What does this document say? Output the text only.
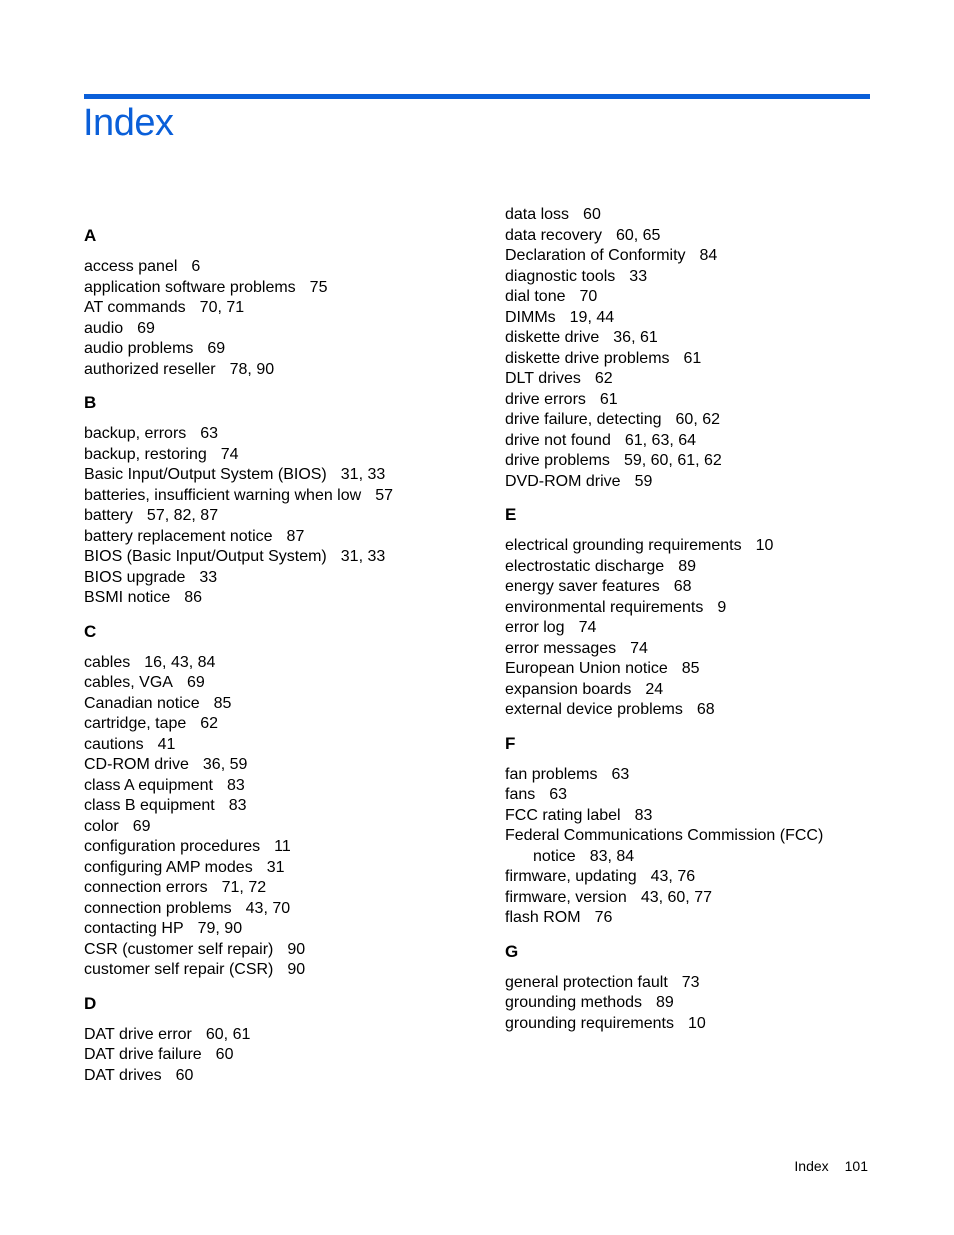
Index
A
access panel 6
application software problems 75
AT commands 70, 71
audio 69
audio problems 69
authorized reseller 78, 90
B
backup, errors 63
backup, restoring 74
Basic Input/Output System (BIOS) 31, 33
batteries, insufficient warning when low 57
battery 57, 82, 87
battery replacement notice 87
BIOS (Basic Input/Output System) 31, 33
BIOS upgrade 33
BSMI notice 86
C
cables 16, 43, 84
cables, VGA 69
Canadian notice 85
cartridge, tape 62
cautions 41
CD-ROM drive 36, 59
class A equipment 83
class B equipment 83
color 69
configuration procedures 11
configuring AMP modes 31
connection errors 71, 72
connection problems 43, 70
contacting HP 79, 90
CSR (customer self repair) 90
customer self repair (CSR) 90
D
DAT drive error 60, 61
DAT drive failure 60
DAT drives 60
data loss 60
data recovery 60, 65
Declaration of Conformity 84
diagnostic tools 33
dial tone 70
DIMMs 19, 44
diskette drive 36, 61
diskette drive problems 61
DLT drives 62
drive errors 61
drive failure, detecting 60, 62
drive not found 61, 63, 64
drive problems 59, 60, 61, 62
DVD-ROM drive 59
E
electrical grounding requirements 10
electrostatic discharge 89
energy saver features 68
environmental requirements 9
error log 74
error messages 74
European Union notice 85
expansion boards 24
external device problems 68
F
fan problems 63
fans 63
FCC rating label 83
Federal Communications Commission (FCC)
notice 83, 84
firmware, updating 43, 76
firmware, version 43, 60, 77
flash ROM 76
G
general protection fault 73
grounding methods 89
grounding requirements 10
Index 101
